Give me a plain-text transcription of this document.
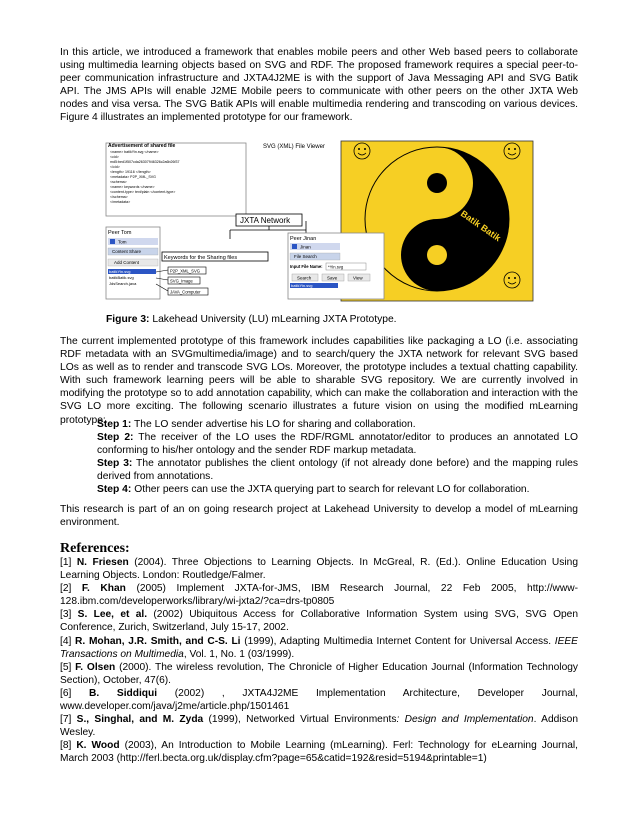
In this article, we introduced a framework that enables mobile peers and other Web based peers to collaborate using multimedia learning objects based on SVG and RDF. The proposed framework requires a special peer-to-peer communication infrastructure and JXTA4J2ME is with the support of Java Messaging API and SVG Batik API. The JMS APIs will enable J2ME Mobile peers to communicate with other peers on the other JXTA Web nodes and visa versa. The SVG Batik APIs will enable multimedia rendering and transcoding on various devices. Figure 4 illustrates an implemented prototype for our framework.

Advertisement of shared file
<name> batikYin.svg </name>
<cid>
md5:bed1f507cda26307946326c2a6b26f37
</cid>
<length> 19116 </length>
<metadata> P2P_XML_SVG
<schema>
<name> keywords </name>
<content-type> text/plain </content-type>
</schema>
</metadata>
SVG (XML) File Viewer
Batik Batik
JXTA Network
Peer Tom
Tom
Content Share
Add Content
batikYin.svg
batikBatik.svg
JdsSearch.java
Keywords for the Sharing files
P2P_XML_SVG
SVG_Image
JAVA_Computer
Peer Jinan
Jinan
File Search
Input File Name: *Yin.svg
Search	Save	View
batikYin.svg
Figure 3: Lakehead University (LU) mLearning JXTA Prototype.

The current implemented prototype of this framework includes capabilities like packaging a LO (i.e. associating RDF metadata with an SVGmultimedia/image) and to search/query the JXTA network for relevant SVG based LOs as well as to render and transcode SVG LOs. Moreover, the prototype includes a textual chatting capability. With such framework learning peers will be able to sharable SVG repository. We are currently involved in modifying the prototype so to add annotation capability, which can make the collaboration and interaction with the SVG LO more exciting. The following scenario illustrates a future vision on using the modified mLearning prototype:

Step 1: The LO sender advertise his LO for sharing and collaboration.

Step 2: The receiver of the LO uses the RDF/RGML annotator/editor to produces an annotated LO conforming to his/her ontology and the sender RDF markup metadata.

Step 3: The annotator publishes the client ontology (if not already done before) and the mapping rules derived from annotations.

Step 4: Other peers can use the JXTA querying part to search for relevant LO for collaboration.

This research is part of an on going research project at Lakehead University to develop a model of mLearning environment.

References:

[1] N. Friesen (2004). Three Objections to Learning Objects. In McGreal, R. (Ed.). Online Education Using Learning Objects. London: Routledge/Falmer.

[2] F. Khan (2005) Implement JXTA-for-JMS, IBM Research Journal, 22 Feb 2005, http://www-128.ibm.com/developerworks/library/wi-jxta2/?ca=drs-tp0805

[3] S. Lee, et al. (2002) Ubiquitous Access for Collaborative Information System using SVG, SVG Open Conference, Zurich, Switzerland, July 15-17, 2002.

[4] R. Mohan, J.R. Smith, and C-S. Li (1999), Adapting Multimedia Internet Content for Universal Access. IEEE Transactions on Multimedia, Vol. 1, No. 1 (03/1999).

[5] F. Olsen (2000). The wireless revolution, The Chronicle of Higher Education Journal (Information Technology Section), October, 47(6).

[6] B. Siddiqui (2002) , JXTA4J2ME Implementation Architecture, Developer Journal, www.developer.com/java/j2me/article.php/1501461

[7] S., Singhal, and M. Zyda (1999), Networked Virtual Environments: Design and Implementation. Addison Wesley.

[8] K. Wood (2003), An Introduction to Mobile Learning (mLearning). Ferl: Technology for eLearning Journal, March 2003 (http://ferl.becta.org.uk/display.cfm?page=65&catid=192&resid=5194&printable=1)
